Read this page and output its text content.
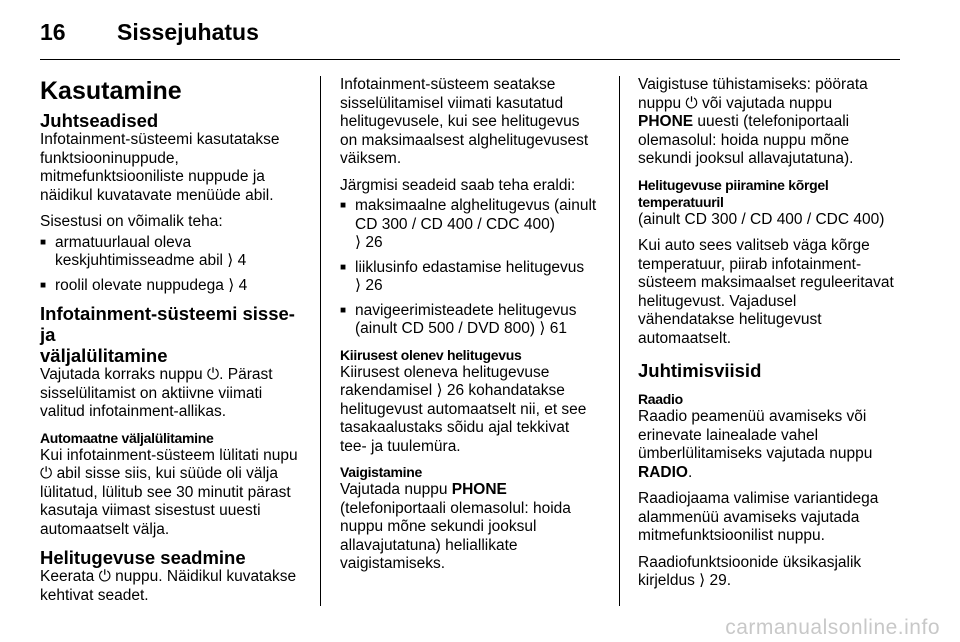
16 Sissejuhatus
Kasutamine
Juhtseadised

Infotainment-süsteemi kasutatakse
funktsiooninuppude,
mitmefunktsiooniliste nuppude ja
näidikul kuvatavate menüüde abil.

Sisestusi on võimalik teha:

■ armatuurlaual oleva
keskjuhtimisseadme abil ⟩ 4
■ roolil olevate nuppudega ⟩ 4
Infotainment-süsteemi sisse- ja
väljalülitamine

Vajutada korraks nuppu ⏻. Pärast
sisselülitamist on aktiivne viimati
valitud infotainment-allikas.

Automaatne väljalülitamine

Kui infotainment-süsteem lülitati nupu
⏻ abil sisse siis, kui süüde oli välja
lülitatud, lülitub see 30 minutit pärast
kasutaja viimast sisestust uuesti
automaatselt välja.

Helitugevuse seadmine

Keerata ⏻ nuppu. Näidikul kuvatakse
kehtivat seadet.

Infotainment-süsteem seatakse
sisselülitamisel viimati kasutatud
helitugevusele, kui see helitugevus
on maksimaalsest alghelitugevusest
väiksem.

Järgmisi seadeid saab teha eraldi:

■ maksimaalne alghelitugevus (ainult
CD 300 / CD 400 / CDC 400)
⟩ 26
■ liiklusinfo edastamise helitugevus
⟩ 26
■ navigeerimisteadete helitugevus
(ainult CD 500 / DVD 800) ⟩ 61
Kiirusest olenev helitugevus

Kiirusest oleneva helitugevuse
rakendamisel ⟩ 26 kohandatakse
helitugevust automaatselt nii, et see
tasakaalustaks sõidu ajal tekkivat
tee- ja tuulemüra.

Vaigistamine

Vajutada nuppu PHONE
(telefoniportaali olemasolul: hoida
nuppu mõne sekundi jooksul
allavajutatuna) heliallikate
vaigistamiseks.

Vaigistuse tühistamiseks: pöörata
nuppu ⏻ või vajutada nuppu
PHONE uuesti (telefoniportaali
olemasolul: hoida nuppu mõne
sekundi jooksul allavajutatuna).

Helitugevuse piiramine kõrgel
temperatuuril

(ainult CD 300 / CD 400 / CDC 400)

Kui auto sees valitseb väga kõrge
temperatuur, piirab infotainment-
süsteem maksimaalset reguleeritavat
helitugevust. Vajadusel
vähendatakse helitugevust
automaatselt.

Juhtimisviisid
Raadio

Raadio peamenüü avamiseks või
erinevate lainealade vahel
ümberlülitamiseks vajutada nuppu
RADIO.

Raadiojaama valimise variantidega
alammenüü avamiseks vajutada
mitmefunktsioonilist nuppu.

Raadiofunktsioonide üksikasjalik
kirjeldus ⟩ 29.

carmanualsonline.info
